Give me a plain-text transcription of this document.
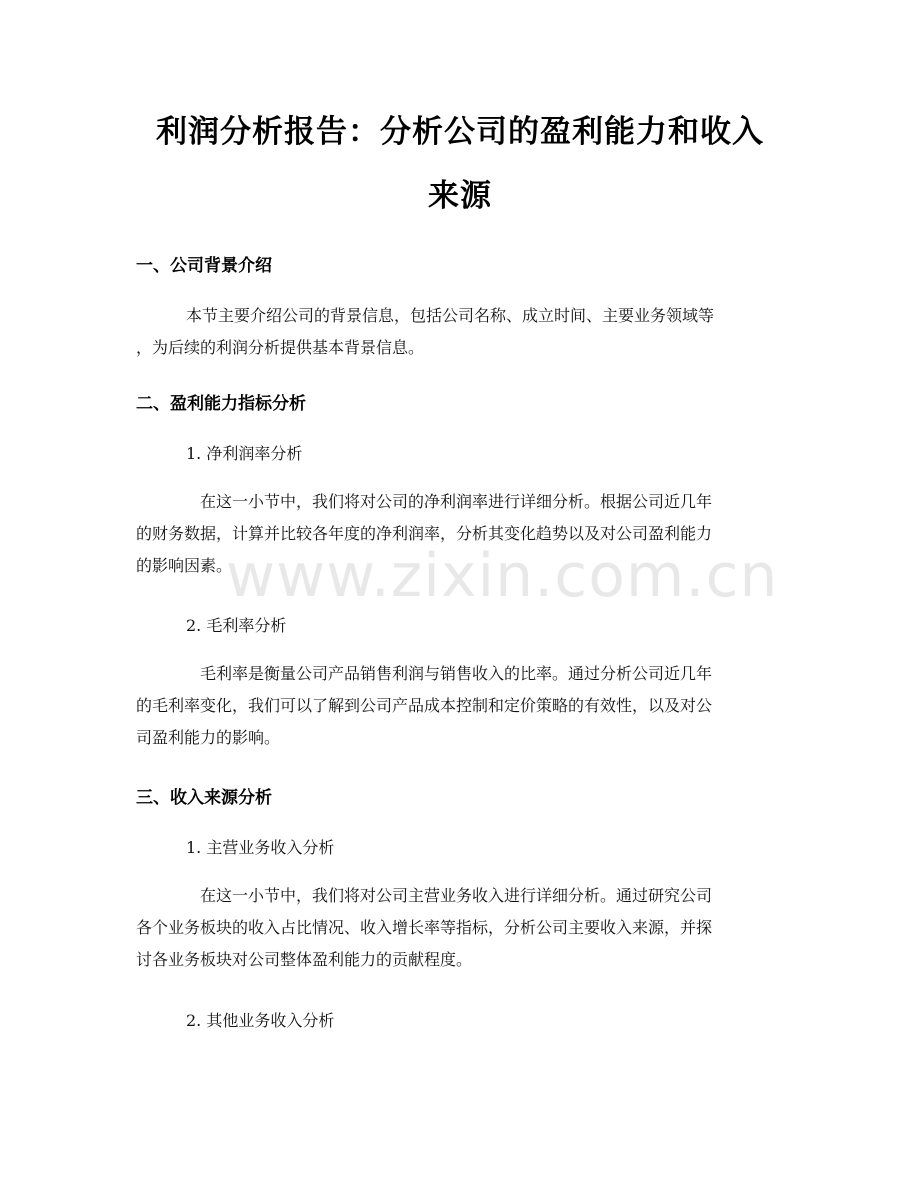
利润分析报告：分析公司的盈利能力和收入
来源
一、公司背景介绍
本节主要介绍公司的背景信息，包括公司名称、成立时间、主要业务领域等
，为后续的利润分析提供基本背景信息。
二、盈利能力指标分析
1. 净利润率分析
在这一小节中，我们将对公司的净利润率进行详细分析。根据公司近几年
的财务数据，计算并比较各年度的净利润率，分析其变化趋势以及对公司盈利能力
的影响因素。
2. 毛利率分析
毛利率是衡量公司产品销售利润与销售收入的比率。通过分析公司近几年
的毛利率变化，我们可以了解到公司产品成本控制和定价策略的有效性，以及对公
司盈利能力的影响。
三、收入来源分析
1. 主营业务收入分析
在这一小节中，我们将对公司主营业务收入进行详细分析。通过研究公司
各个业务板块的收入占比情况、收入增长率等指标，分析公司主要收入来源，并探
讨各业务板块对公司整体盈利能力的贡献程度。
2. 其他业务收入分析
www.zixin.com.cn
